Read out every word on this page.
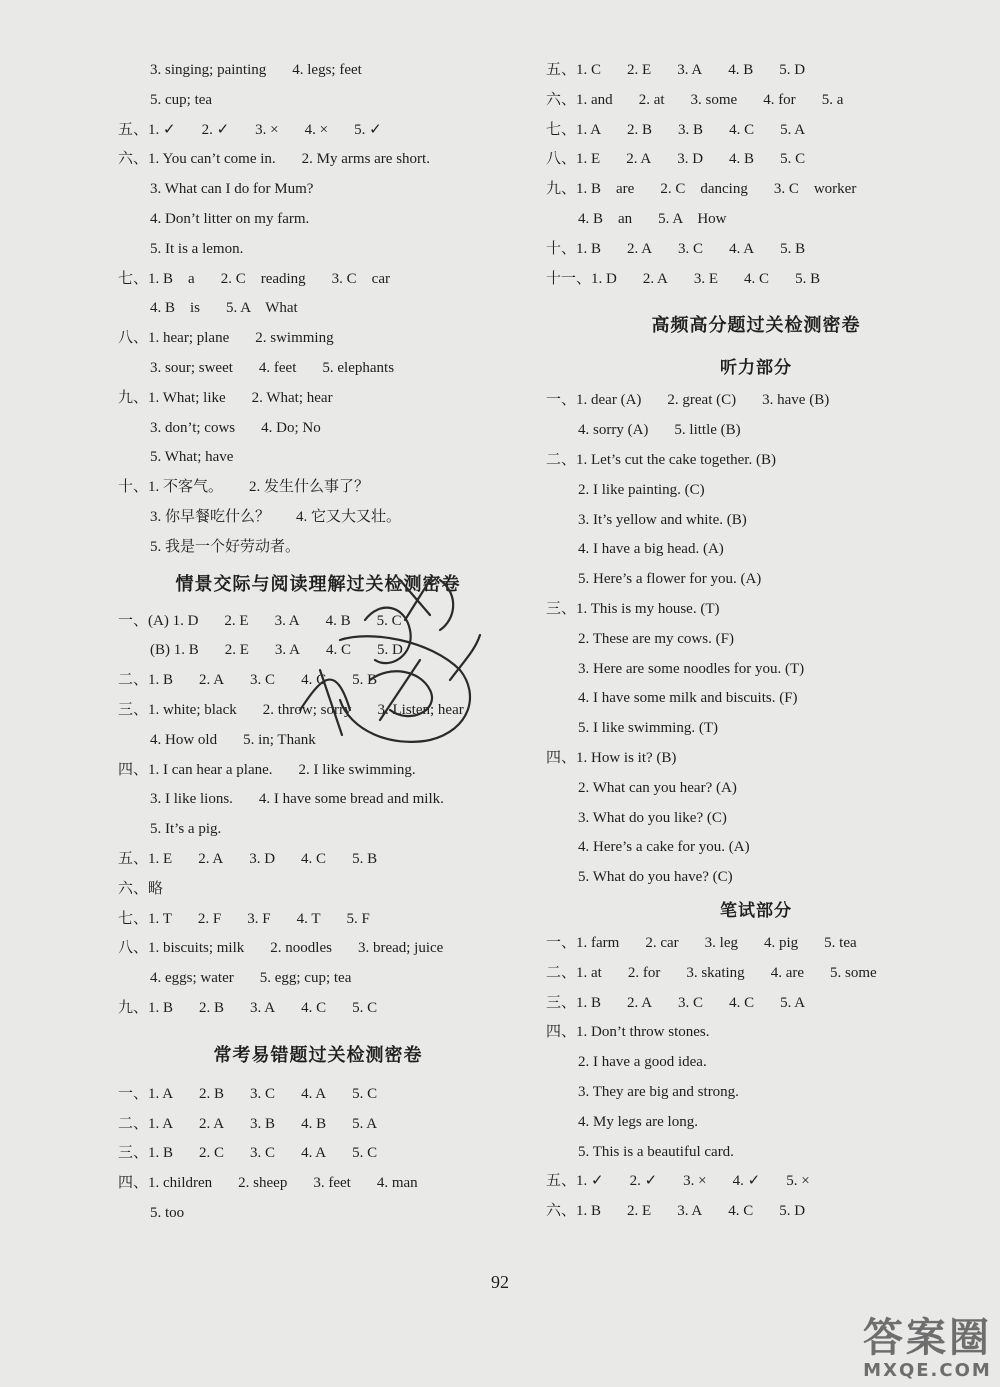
3. singing; painting 4. legs; feet
5. cup; tea
五、1. ✓ 2. ✓ 3. × 4. × 5. ✓
六、1. You can’t come in. 2. My arms are short.
3. What can I do for Mum?
4. Don’t litter on my farm.
5. It is a lemon.
七、1. B　a 2. C　reading 3. C　car
4. B　is 5. A　What
八、1. hear; plane 2. swimming
3. sour; sweet 4. feet 5. elephants
九、1. What; like 2. What; hear
3. don’t; cows 4. Do; No
5. What; have
十、1. 不客气。 2. 发生什么事了？
3. 你早餐吃什么？ 4. 它又大又壮。
5. 我是一个好劳动者。
情景交际与阅读理解过关检测密卷
一、(A) 1. D 2. E 3. A 4. B 5. C
(B) 1. B 2. E 3. A 4. C 5. D
二、1. B 2. A 3. C 4. C 5. B
三、1. white; black 2. throw; sorry 3. Listen; hear
4. How old 5. in; Thank
四、1. I can hear a plane. 2. I like swimming.
3. I like lions. 4. I have some bread and milk.
5. It’s a pig.
五、1. E 2. A 3. D 4. C 5. B
六、略
七、1. T 2. F 3. F 4. T 5. F
八、1. biscuits; milk 2. noodles 3. bread; juice
4. eggs; water 5. egg; cup; tea
九、1. B 2. B 3. A 4. C 5. C
常考易错题过关检测密卷
一、1. A 2. B 3. C 4. A 5. C
二、1. A 2. A 3. B 4. B 5. A
三、1. B 2. C 3. C 4. A 5. C
四、1. children 2. sheep 3. feet 4. man
5. too
五、1. C 2. E 3. A 4. B 5. D
六、1. and 2. at 3. some 4. for 5. a
七、1. A 2. B 3. B 4. C 5. A
八、1. E 2. A 3. D 4. B 5. C
九、1. B　are 2. C　dancing 3. C　worker
4. B　an 5. A　How
十、1. B 2. A 3. C 4. A 5. B
十一、1. D 2. A 3. E 4. C 5. B
高频高分题过关检测密卷
听力部分
一、1. dear (A) 2. great (C) 3. have (B)
4. sorry (A) 5. little (B)
二、1. Let’s cut the cake together. (B)
2. I like painting. (C)
3. It’s yellow and white. (B)
4. I have a big head. (A)
5. Here’s a flower for you. (A)
三、1. This is my house. (T)
2. These are my cows. (F)
3. Here are some noodles for you. (T)
4. I have some milk and biscuits. (F)
5. I like swimming. (T)
四、1. How is it? (B)
2. What can you hear? (A)
3. What do you like? (C)
4. Here’s a cake for you. (A)
5. What do you have? (C)
笔试部分
一、1. farm 2. car 3. leg 4. pig 5. tea
二、1. at 2. for 3. skating 4. are 5. some
三、1. B 2. A 3. C 4. C 5. A
四、1. Don’t throw stones.
2. I have a good idea.
3. They are big and strong.
4. My legs are long.
5. This is a beautiful card.
五、1. ✓ 2. ✓ 3. × 4. ✓ 5. ×
六、1. B 2. E 3. A 4. C 5. D
92
答案圈
MXQE.COM
